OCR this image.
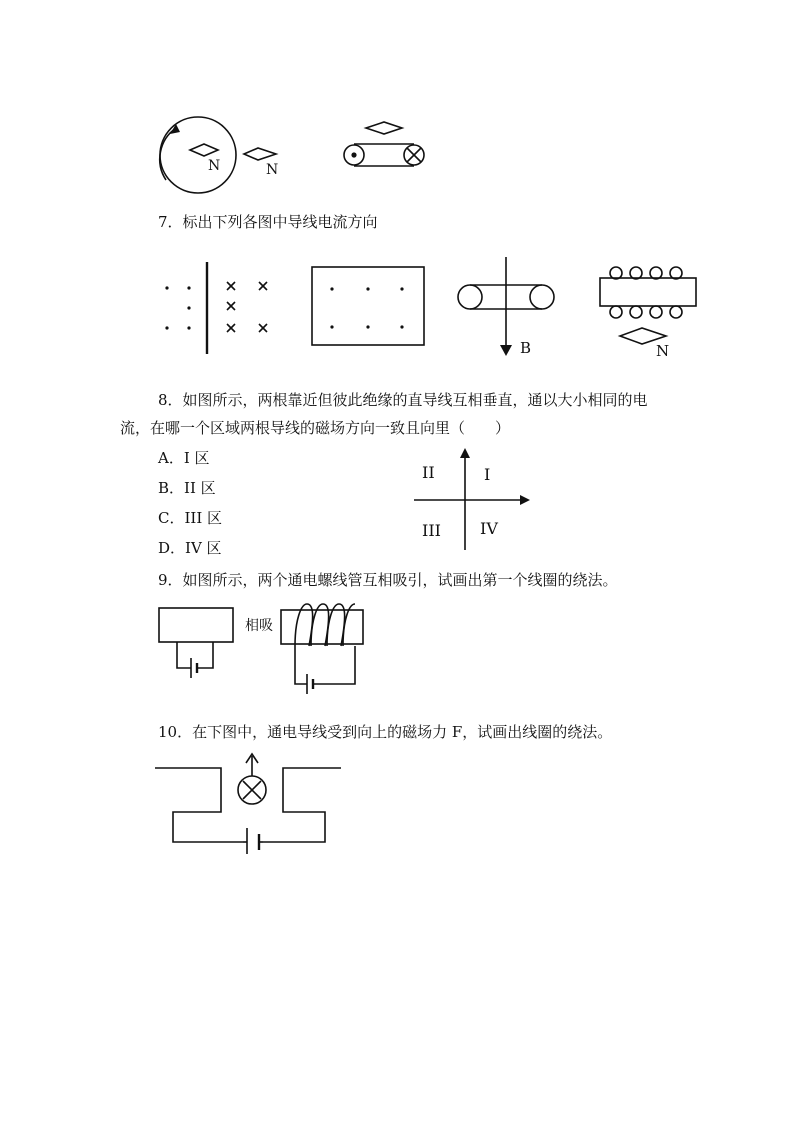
N	N
7．标出下列各图中导线电流方向
B	N
8．如图所示，两根靠近但彼此绝缘的直导线互相垂直，通以大小相同的电
流，在哪一个区域两根导线的磁场方向一致且向里（　　）
A．I 区
B．II 区
C．III 区
D．IV 区
II	I
III IV
9．如图所示，两个通电螺线管互相吸引，试画出第一个线圈的绕法。
相吸
10．在下图中，通电导线受到向上的磁场力 F，试画出线圈的绕法。
